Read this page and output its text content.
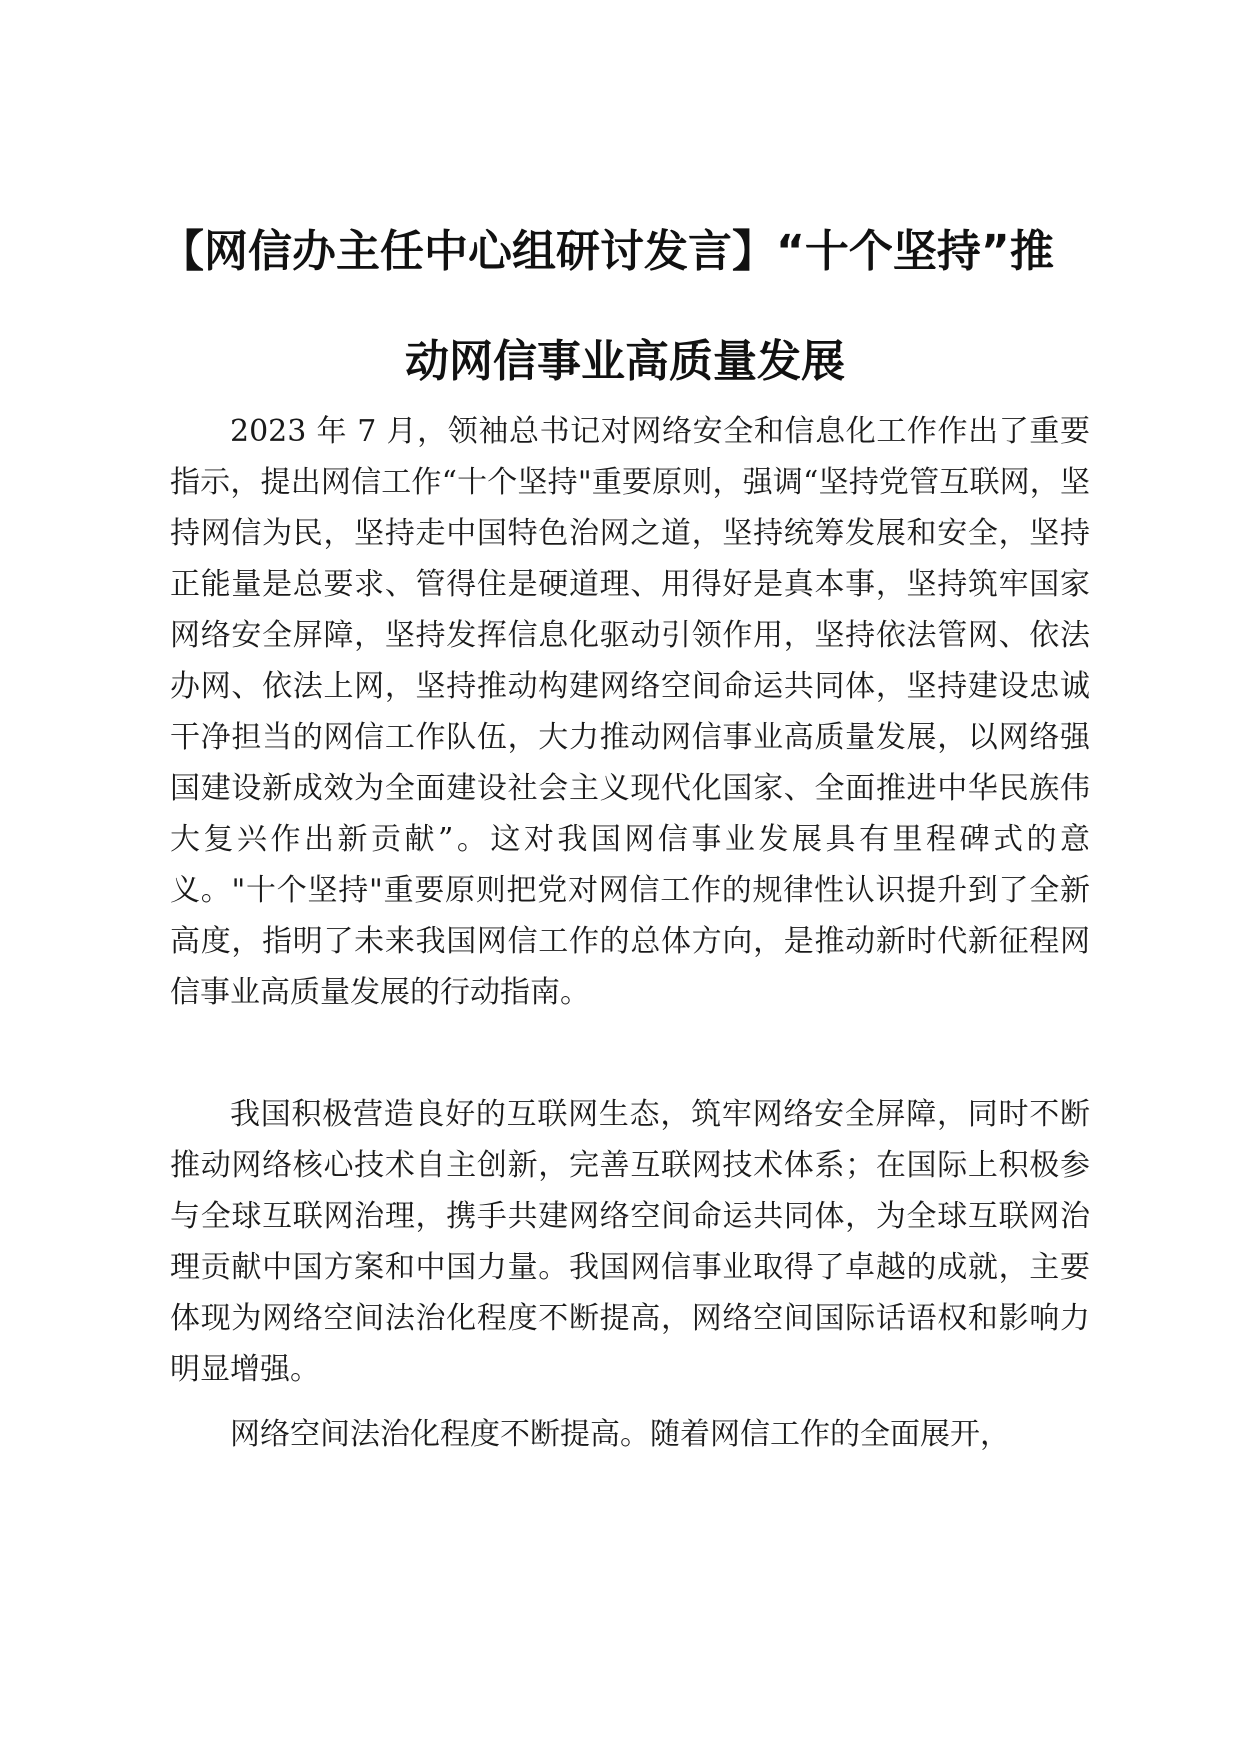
【网信办主任中心组研讨发言】“十个坚持”推
动网信事业高质量发展

2023 年 7 月，领袖总书记对网络安全和信息化工作作出了重要指示，提出网信工作“十个坚持"重要原则，强调“坚持党管互联网，坚持网信为民，坚持走中国特色治网之道，坚持统筹发展和安全，坚持正能量是总要求、管得住是硬道理、用得好是真本事，坚持筑牢国家网络安全屏障，坚持发挥信息化驱动引领作用，坚持依法管网、依法办网、依法上网，坚持推动构建网络空间命运共同体，坚持建设忠诚干净担当的网信工作队伍，大力推动网信事业高质量发展，以网络强国建设新成效为全面建设社会主义现代化国家、全面推进中华民族伟大复兴作出新贡献”。这对我国网信事业发展具有里程碑式的意义。"十个坚持"重要原则把党对网信工作的规律性认识提升到了全新高度，指明了未来我国网信工作的总体方向，是推动新时代新征程网信事业高质量发展的行动指南。

我国积极营造良好的互联网生态，筑牢网络安全屏障，同时不断推动网络核心技术自主创新，完善互联网技术体系；在国际上积极参与全球互联网治理，携手共建网络空间命运共同体，为全球互联网治理贡献中国方案和中国力量。我国网信事业取得了卓越的成就，主要体现为网络空间法治化程度不断提高，网络空间国际话语权和影响力明显增强。

网络空间法治化程度不断提高。随着网信工作的全面展开，
